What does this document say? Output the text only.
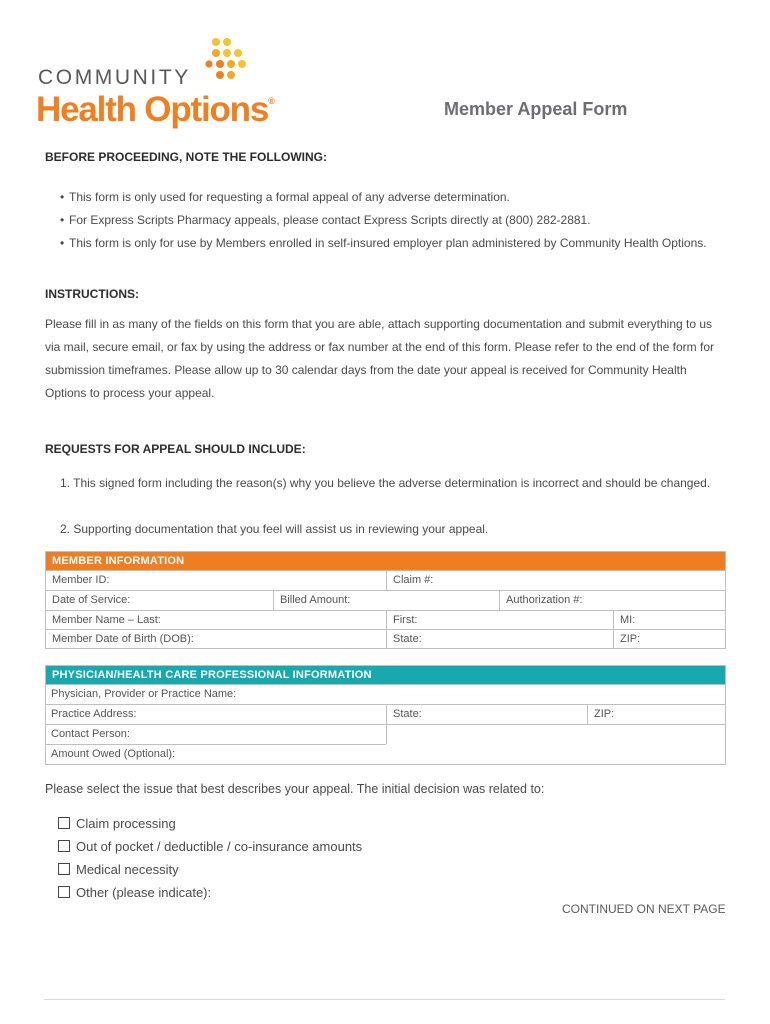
COMMUNITY
Health Options®	Member Appeal Form
BEFORE PROCEEDING, NOTE THE FOLLOWING:
• This form is only used for requesting a formal appeal of any adverse determination.
• For Express Scripts Pharmacy appeals, please contact Express Scripts directly at (800) 282-2881.
• This form is only for use by Members enrolled in self-insured employer plan administered by Community Health Options.
INSTRUCTIONS:
Please fill in as many of the fields on this form that you are able, attach supporting documentation and submit everything to us via mail, secure email, or fax by using the address or fax number at the end of this form. Please refer to the end of the form for submission timeframes. Please allow up to 30 calendar days from the date your appeal is received for Community Health Options to process your appeal.
REQUESTS FOR APPEAL SHOULD INCLUDE:
1. This signed form including the reason(s) why you believe the adverse determination is incorrect and should be changed.
2. Supporting documentation that you feel will assist us in reviewing your appeal.
MEMBER INFORMATION
Member ID:	Claim #:
Date of Service:	Billed Amount:	Authorization #:
Member Name – Last:	First:	MI:
Member Date of Birth (DOB):	State:	ZIP:
PHYSICIAN/HEALTH CARE PROFESSIONAL INFORMATION
Physician, Provider or Practice Name:
Practice Address:	State:	ZIP:
Contact Person:
Amount Owed (Optional):
Please select the issue that best describes your appeal. The initial decision was related to:
Claim processing
Out of pocket / deductible / co-insurance amounts
Medical necessity
Other (please indicate):
CONTINUED ON NEXT PAGE
